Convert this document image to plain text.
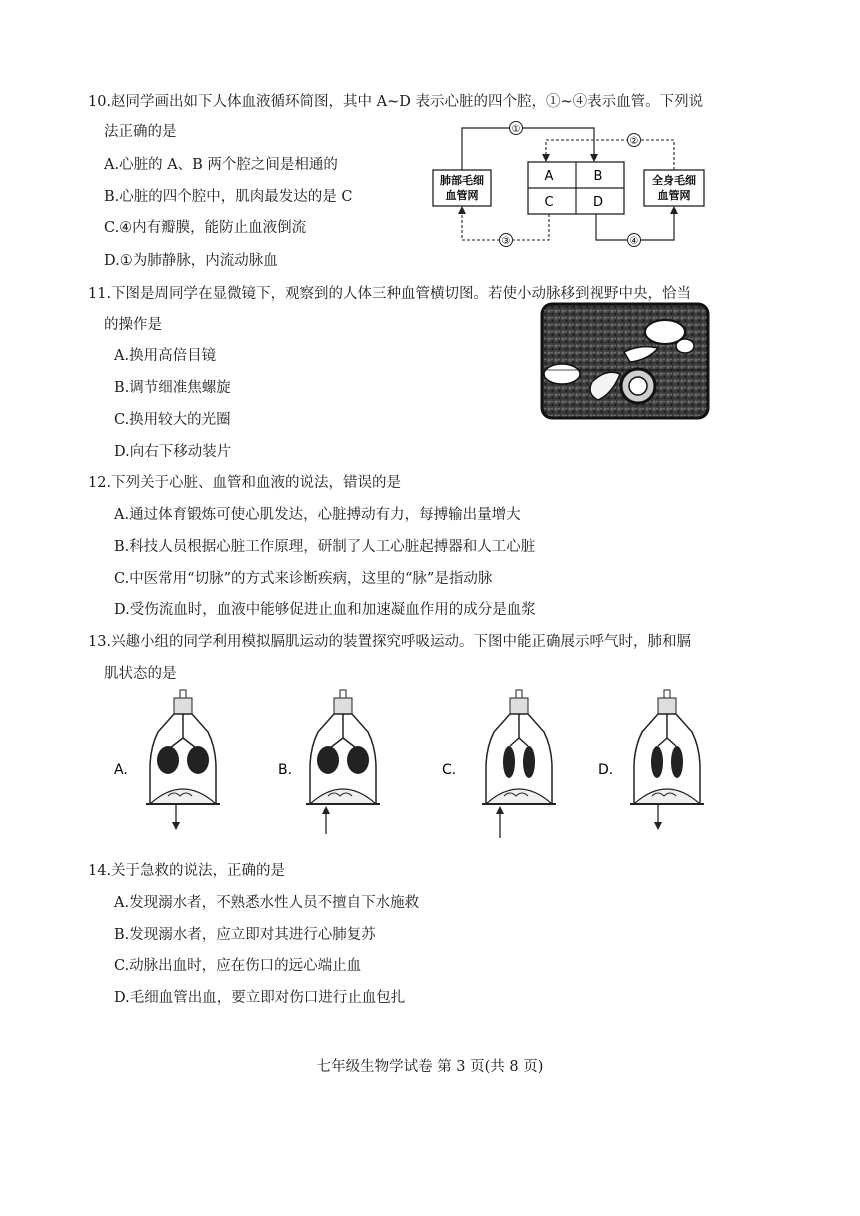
10.赵同学画出如下人体血液循环简图，其中 A~D 表示心脏的四个腔，①~④表示血管。下列说
法正确的是
A.心脏的 A、B 两个腔之间是相通的
B.心脏的四个腔中，肌肉最发达的是 C
C.④内有瓣膜，能防止血液倒流
D.①为肺静脉，内流动脉血
肺部毛细
血管网
全身毛细
血管网
A	B
C	D
①
②
③	④
11.下图是周同学在显微镜下，观察到的人体三种血管横切图。若使小动脉移到视野中央，恰当
的操作是
A.换用高倍目镜
B.调节细准焦螺旋
C.换用较大的光圈
D.向右下移动装片
12.下列关于心脏、血管和血液的说法，错误的是
A.通过体育锻炼可使心肌发达，心脏搏动有力，每搏输出量增大
B.科技人员根据心脏工作原理，研制了人工心脏起搏器和人工心脏
C.中医常用“切脉”的方式来诊断疾病，这里的“脉”是指动脉
D.受伤流血时，血液中能够促进止血和加速凝血作用的成分是血浆
13.兴趣小组的同学利用模拟膈肌运动的装置探究呼吸运动。下图中能正确展示呼气时，肺和膈
肌状态的是
A.	B.	C.	D.
14.关于急救的说法，正确的是
A.发现溺水者，不熟悉水性人员不擅自下水施救
B.发现溺水者，应立即对其进行心肺复苏
C.动脉出血时，应在伤口的远心端止血
D.毛细血管出血，要立即对伤口进行止血包扎
七年级生物学试卷 第 3 页(共 8 页)
